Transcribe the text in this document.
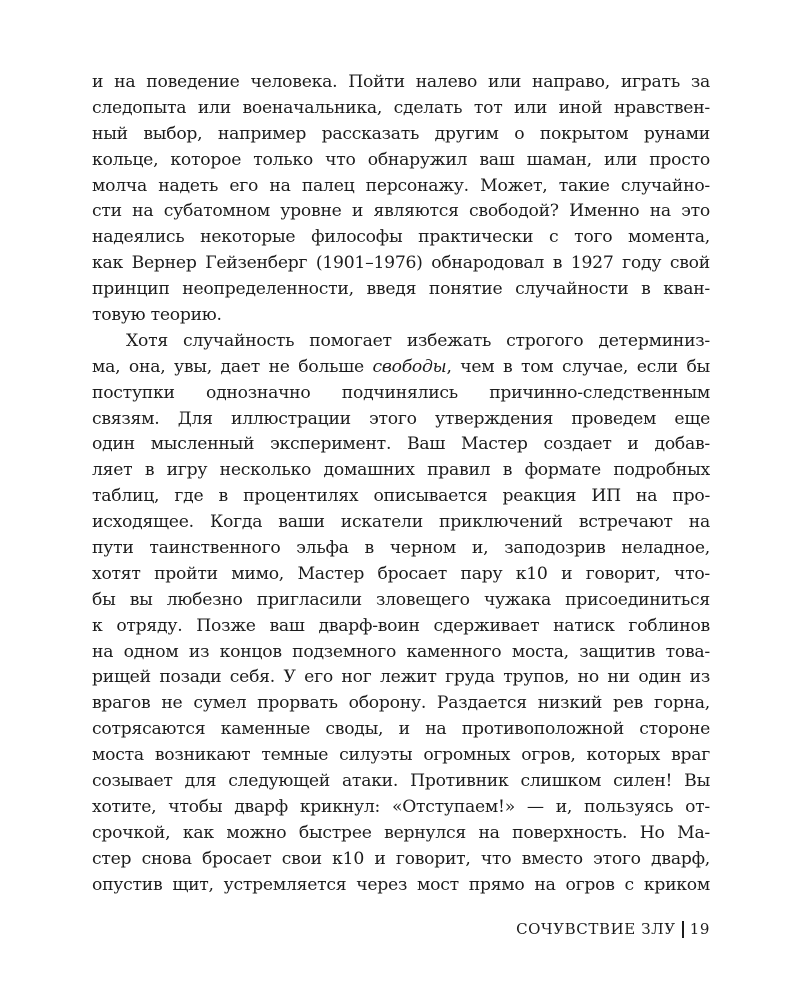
и на поведение человека. Пойти налево или направо, играть за
следопыта или военачальника, сделать тот или иной нравствен-
ный выбор, например рассказать другим о покрытом рунами
кольце, которое только что обнаружил ваш шаман, или просто
молча надеть его на палец персонажу. Может, такие случайно-
сти на субатомном уровне и являются свободой? Именно на это
надеялись некоторые философы практически с того момента,
как Вернер Гейзенберг (1901–1976) обнародовал в 1927 году свой
принцип неопределенности, введя понятие случайности в кван-
товую теорию.
Хотя случайность помогает избежать строгого детерминиз-
ма, она, увы, дает не больше свободы, чем в том случае, если бы
поступки однозначно подчинялись причинно-следственным
связям. Для иллюстрации этого утверждения проведем еще
один мысленный эксперимент. Ваш Мастер создает и добав-
ляет в игру несколько домашних правил в формате подробных
таблиц, где в процентилях описывается реакция ИП на про-
исходящее. Когда ваши искатели приключений встречают на
пути таинственного эльфа в черном и, заподозрив неладное,
хотят пройти мимо, Мастер бросает пару к10 и говорит, что-
бы вы любезно пригласили зловещего чужака присоединиться
к отряду. Позже ваш дварф-воин сдерживает натиск гоблинов
на одном из концов подземного каменного моста, защитив това-
рищей позади себя. У его ног лежит груда трупов, но ни один из
врагов не сумел прорвать оборону. Раздается низкий рев горна,
сотрясаются каменные своды, и на противоположной стороне
моста возникают темные силуэты огромных огров, которых враг
созывает для следующей атаки. Противник слишком силен! Вы
хотите, чтобы дварф крикнул: «Отступаем!» — и, пользуясь от-
срочкой, как можно быстрее вернулся на поверхность. Но Ма-
стер снова бросает свои к10 и говорит, что вместо этого дварф,
опустив щит, устремляется через мост прямо на огров с криком
СОЧУВСТВИЕ ЗЛУ 19
